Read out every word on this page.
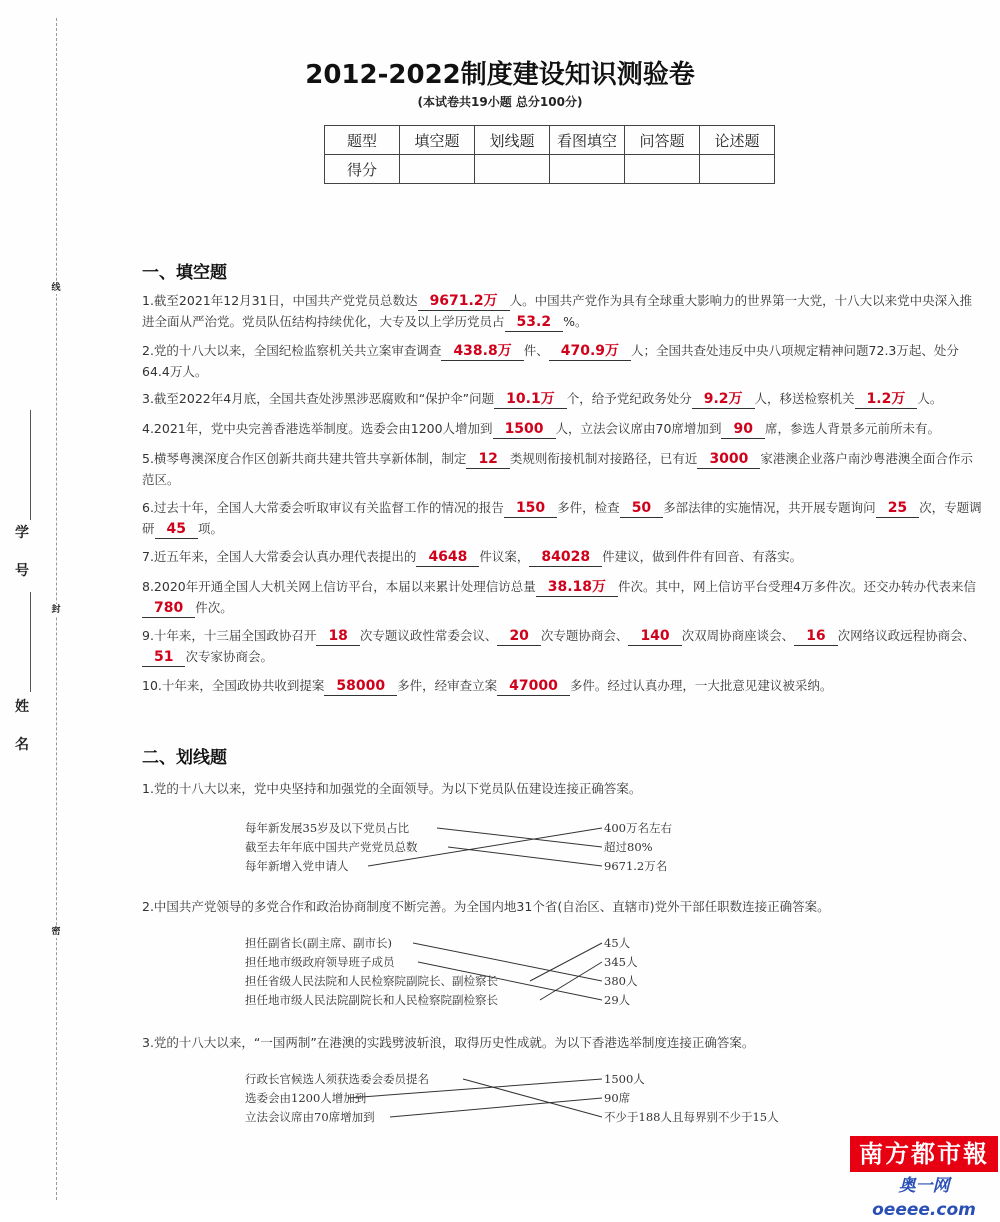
线
封
密
学
号
姓
名
2012-2022制度建设知识测验卷
(本试卷共19小题 总分100分)
题型	填空题	划线题	看图填空	问答题	论述题
得分					
一、填空题
1.截至2021年12月31日，中国共产党党员总数达 9671.2万 人。中国共产党作为具有全球重大影响力的世界第一大党，十八大以来党中央深入推进全面从严治党。党员队伍结构持续优化，大专及以上学历党员占 53.2 %。
2.党的十八大以来，全国纪检监察机关共立案审查调查 438.8万 件、 470.9万 人；全国共查处违反中央八项规定精神问题72.3万起、处分64.4万人。
3.截至2022年4月底，全国共查处涉黑涉恶腐败和“保护伞”问题 10.1万 个，给予党纪政务处分 9.2万 人，移送检察机关 1.2万 人。
4.2021年，党中央完善香港选举制度。选委会由1200人增加到 1500 人，立法会议席由70席增加到 90 席，参选人背景多元前所未有。
5.横琴粤澳深度合作区创新共商共建共管共享新体制，制定 12 类规则衔接机制对接路径，已有近 3000 家港澳企业落户南沙粤港澳全面合作示范区。
6.过去十年，全国人大常委会听取审议有关监督工作的情况的报告 150 多件，检查 50 多部法律的实施情况，共开展专题询问 25 次，专题调研 45 项。
7.近五年来，全国人大常委会认真办理代表提出的 4648 件议案， 84028 件建议，做到件件有回音、有落实。
8.2020年开通全国人大机关网上信访平台，本届以来累计处理信访总量 38.18万 件次。其中，网上信访平台受理4万多件次。还交办转办代表来信780 件次。
9.十年来，十三届全国政协召开 18 次专题议政性常委会议、 20 次专题协商会、 140 次双周协商座谈会、 16 次网络议政远程协商会、51 次专家协商会。
10.十年来，全国政协共收到提案 58000 多件，经审查立案 47000 多件。经过认真办理，一大批意见建议被采纳。
二、划线题
1.党的十八大以来，党中央坚持和加强党的全面领导。为以下党员队伍建设连接正确答案。
每年新发展35岁及以下党员占比
截至去年年底中国共产党党员总数
每年新增入党申请人
400万名左右
超过80%
9671.2万名
2.中国共产党领导的多党合作和政治协商制度不断完善。为全国内地31个省(自治区、直辖市)党外干部任职数连接正确答案。
担任副省长(副主席、副市长)
担任地市级政府领导班子成员
担任省级人民法院和人民检察院副院长、副检察长
担任地市级人民法院副院长和人民检察院副检察长
45人
345人
380人
29人
3.党的十八大以来，“一国两制”在港澳的实践劈波斩浪，取得历史性成就。为以下香港选举制度连接正确答案。
行政长官候选人须获选委会委员提名
选委会由1200人增加到
立法会议席由70席增加到
1500人
90席
不少于188人且每界别不少于15人
南方都市報
奥一网oeeee.com
